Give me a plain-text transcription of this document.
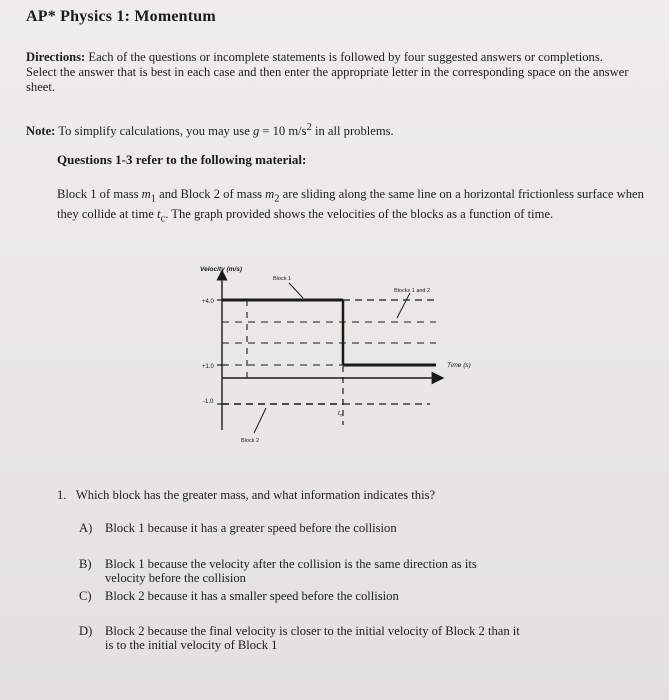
AP* Physics 1: Momentum
Directions: Each of the questions or incomplete statements is followed by four suggested answers or completions. Select the answer that is best in each case and then enter the appropriate letter in the corresponding space on the answer sheet.
Note: To simplify calculations, you may use g = 10 $m/s^2$ in all problems.
Questions 1-3 refer to the following material:
Block 1 of mass $m_1$ and Block 2 of mass $m_2$ are sliding along the same line on a horizontal frictionless surface when they collide at time $t_c$. The graph provided shows the velocities of the blocks as a function of time.
Velocity (m/s)
Time (s)
Block 1
Blocks 1 and 2
Block 2
+4.0
+1.0
-1.0
$t_c$
1. Which block has the greater mass, and what information indicates this?
A) Block 1 because it has a greater speed before the collision
B) Block 1 because the velocity after the collision is the same direction as its
velocity before the collision
C) Block 2 because it has a smaller speed before the collision
D) Block 2 because the final velocity is closer to the initial velocity of Block 2 than it
is to the initial velocity of Block 1
